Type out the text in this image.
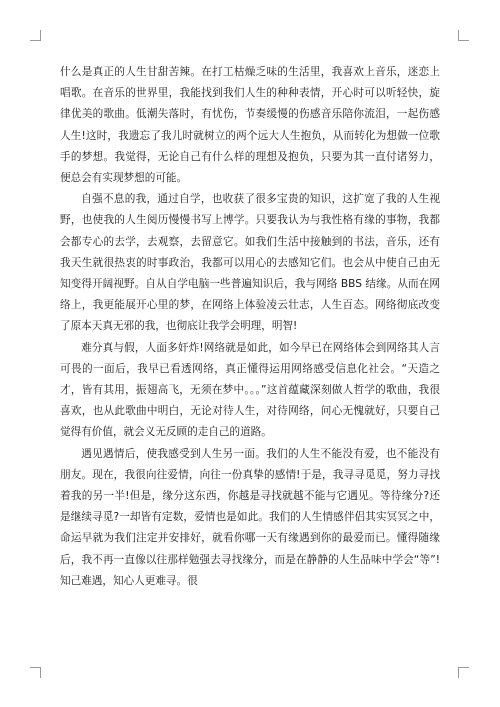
什么是真正的人生甘甜苦辣。在打工枯燥乏味的生活里，我喜欢上音乐，迷恋上唱歌。在音乐的世界里，我能找到我们人生的种种表情，开心时可以听轻快，旋律优美的歌曲。低潮失落时，有忧伤，节奏缓慢的伤感音乐陪你流泪，一起伤感人生!这时，我遗忘了我儿时就树立的两个远大人生抱负，从而转化为想做一位歌手的梦想。我觉得，无论自己有什么样的理想及抱负，只要为其一直付诸努力，便总会有实现梦想的可能。

自强不息的我，通过自学，也收获了很多宝贵的知识，这扩宽了我的人生视野，也使我的人生阅历慢慢书写上博学。只要我认为与我性格有缘的事物，我都会都专心的去学，去观察，去留意它。如我们生活中接触到的书法，音乐，还有我天生就很热衷的时事政治，我都可以用心的去感知它们。也会从中使自己由无知变得开阔视野。自从自学电脑一些普遍知识后，我与网络 BBS 结缘。从而在网络上，我更能展开心里的梦，在网络上体验凌云壮志，人生百态。网络彻底改变了原本天真无邪的我，也彻底让我学会明理，明智!

难分真与假，人面多奸炸!网络就是如此，如今早已在网络体会到网络其人言可畏的一面后，我早已看透网络，真正懂得运用网络感受信息化社会。“天造之才，皆有其用，振翅高飞，无须在梦中。。。”这首蕴藏深刻做人哲学的歌曲，我很喜欢，也从此歌曲中明白，无论对待人生，对待网络，问心无愧就好，只要自己觉得有价值，就会义无反顾的走自己的道路。

遇见遇情后，使我感受到人生另一面。我们的人生不能没有爱，也不能没有朋友。现在，我很向往爱情，向往一份真挚的感情!于是，我寻寻觅觅，努力寻找着我的另一半!但是，缘分这东西，你越是寻找就越不能与它遇见。等待缘分?还是继续寻觅?一却皆有定数，爱情也是如此。我们的人生情感伴侣其实冥冥之中，命运早就为我们注定并安排好，就看你哪一天有缘遇到你的最爱而已。懂得随缘后，我不再一直像以往那样勉强去寻找缘分，而是在静静的人生品味中学会“等”!知己难遇，知心人更难寻。很
